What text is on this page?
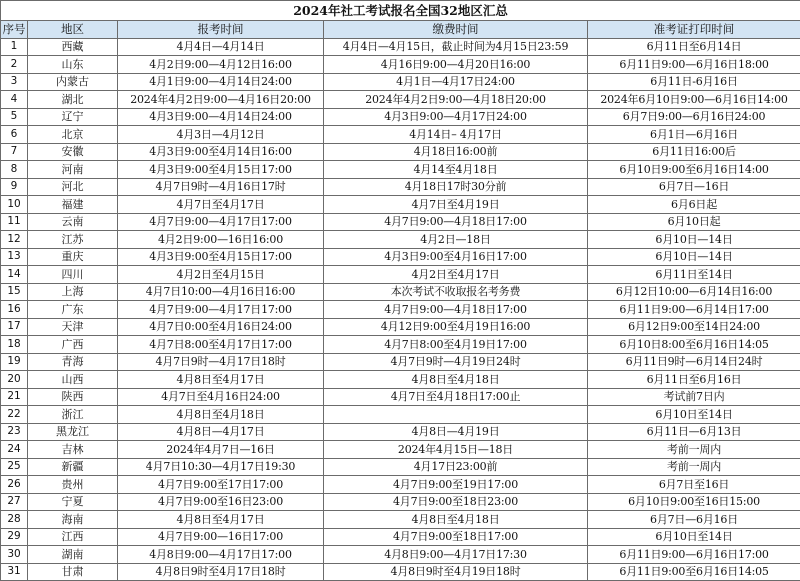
2024年社工考试报名全国32地区汇总				
序号	地区	报考时间	缴费时间	准考证打印时间
1	西藏	4月4日—4月14日	4月4日—4月15日，截止时间为4月15日23:59	6月11日至6月14日
2	山东	4月2日9:00—4月12日16:00	4月16日9:00—4月20日16:00	6月11日9:00—6月16日18:00
3	内蒙古	4月1日9:00—4月14日24:00	4月1日—4月17日24:00	6月11日-6月16日
4	湖北	2024年4月2日9:00—4月16日20:00	2024年4月2日9:00—4月18日20:00	2024年6月10日9:00—6月16日14:00
5	辽宁	4月3日9:00—4月14日24:00	4月3日9:00—4月17日24:00	6月7日9:00—6月16日24:00
6	北京	4月3日—4月12日	4月14日– 4月17日	6月1日—6月16日
7	安徽	4月3日9:00至4月14日16:00	4月18日16:00前	6月11日16:00后
8	河南	4月3日9:00至4月15日17:00	4月14至4月18日	6月10日9:00至6月16日14:00
9	河北	4月7日9时—4月16日17时	4月18日17时30分前	6月7日—16日
10	福建	4月7日至4月17日	4月7日至4月19日	6月6日起
11	云南	4月7日9:00—4月17日17:00	4月7日9:00—4月18日17:00	6月10日起
12	江苏	4月2日9:00—16日16:00	4月2日—18日	6月10日—14日
13	重庆	4月3日9:00至4月15日17:00	4月3日9:00至4月16日17:00	6月10日—14日
14	四川	4月2日至4月15日	4月2日至4月17日	6月11日至14日
15	上海	4月7日10:00—4月16日16:00	本次考试不收取报名考务费	6月12日10:00—6月14日16:00
16	广东	4月7日9:00—4月17日17:00	4月7日9:00—4月18日17:00	6月11日9:00—6月14日17:00
17	天津	4月7日0:00至4月16日24:00	4月12日9:00至4月19日16:00	6月12日9:00至14日24:00
18	广西	4月7日8:00至4月17日17:00	4月7日8:00至4月19日17:00	6月10日8:00至6月16日14:05
19	青海	4月7日9时—4月17日18时	4月7日9时—4月19日24时	6月11日9时—6月14日24时
20	山西	4月8日至4月17日	4月8日至4月18日	6月11日至6月16日
21	陕西	4月7日至4月16日24:00	4月7日至4月18日17:00止	考试前7日内
22	浙江	4月8日至4月18日		6月10日至14日
23	黑龙江	4月8日—4月17日	4月8日—4月19日	6月11日—6月13日
24	吉林	2024年4月7日—16日	2024年4月15日—18日	考前一周内
25	新疆	4月7日10:30—4月17日19:30	4月17日23:00前	考前一周内
26	贵州	4月7日9:00至17日17:00	4月7日9:00至19日17:00	6月7日至16日
27	宁夏	4月7日9:00至16日23:00	4月7日9:00至18日23:00	6月10日9:00至16日15:00
28	海南	4月8日至4月17日	4月8日至4月18日	6月7日—6月16日
29	江西	4月7日9:00—16日17:00	4月7日9:00至18日17:00	6月10日至14日
30	湖南	4月8日9:00—4月17日17:00	4月8日9:00—4月17日17:30	6月11日9:00—6月16日17:00
31	甘肃	4月8日9时至4月17日18时	4月8日9时至4月19日18时	6月11日9:00至6月16日14:05
